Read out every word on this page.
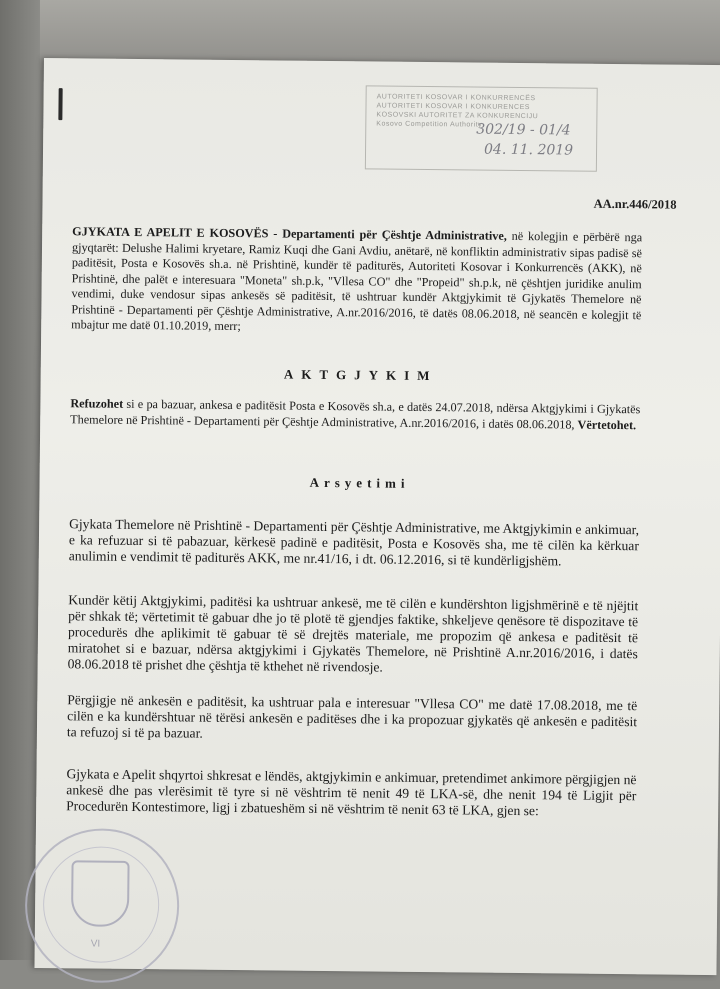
AUTORITETI KOSOVAR I KONKURRENCËS
AUTORITETI KOSOVAR I KONKURENCES
KOSOVSKI AUTORITET ZA KONKURENCIJU
Kosovo Competition Authority
302/19 - 01/4
04. 11. 2019
AA.nr.446/2018
GJYKATA E APELIT E KOSOVËS - Departamenti për Çështje Administrative, në kolegjin e përbërë nga gjyqtarët: Delushe Halimi kryetare, Ramiz Kuqi dhe Gani Avdiu, anëtarë, në konfliktin administrativ sipas padisë së paditësit, Posta e Kosovës sh.a. në Prishtinë, kundër të paditurës, Autoriteti Kosovar i Konkurrencës (AKK), në Prishtinë, dhe palët e interesuara "Moneta" sh.p.k, "Vllesa CO" dhe "Propeid" sh.p.k, në çështjen juridike anulim vendimi, duke vendosur sipas ankesës së paditësit, të ushtruar kundër Aktgjykimit të Gjykatës Themelore në Prishtinë - Departamenti për Çështje Administrative, A.nr.2016/2016, të datës 08.06.2018, në seancën e kolegjit të mbajtur me datë 01.10.2019, merr;
AKTGJYKIM
Refuzohet si e pa bazuar, ankesa e paditësit Posta e Kosovës sh.a, e datës 24.07.2018, ndërsa Aktgjykimi i Gjykatës Themelore në Prishtinë - Departamenti për Çështje Administrative, A.nr.2016/2016, i datës 08.06.2018, Vërtetohet.
Arsyetimi
Gjykata Themelore në Prishtinë - Departamenti për Çështje Administrative, me Aktgjykimin e ankimuar, e ka refuzuar si të pabazuar, kërkesë padinë e paditësit, Posta e Kosovës sha, me të cilën ka kërkuar anulimin e vendimit të paditurës AKK, me nr.41/16, i dt. 06.12.2016, si të kundërligjshëm.
Kundër këtij Aktgjykimi, paditësi ka ushtruar ankesë, me të cilën e kundërshton ligjshmërinë e të njëjtit për shkak të; vërtetimit të gabuar dhe jo të plotë të gjendjes faktike, shkeljeve qenësore të dispozitave të procedurës dhe aplikimit të gabuar të së drejtës materiale, me propozim që ankesa e paditësit të miratohet si e bazuar, ndërsa aktgjykimi i Gjykatës Themelore, në Prishtinë A.nr.2016/2016, i datës 08.06.2018 të prishet dhe çështja të kthehet në rivendosje.
Përgjigje në ankesën e paditësit, ka ushtruar pala e interesuar "Vllesa CO" me datë 17.08.2018, me të cilën e ka kundërshtuar në tërësi ankesën e paditëses dhe i ka propozuar gjykatës që ankesën e paditësit ta refuzoj si të pa bazuar.
Gjykata e Apelit shqyrtoi shkresat e lëndës, aktgjykimin e ankimuar, pretendimet ankimore përgjigjen në ankesë dhe pas vlerësimit të tyre si në vështrim të nenit 49 të LKA-së, dhe nenit 194 të Ligjit për Procedurën Kontestimore, ligj i zbatueshëm si në vështrim të nenit 63 të LKA, gjen se:
VI
